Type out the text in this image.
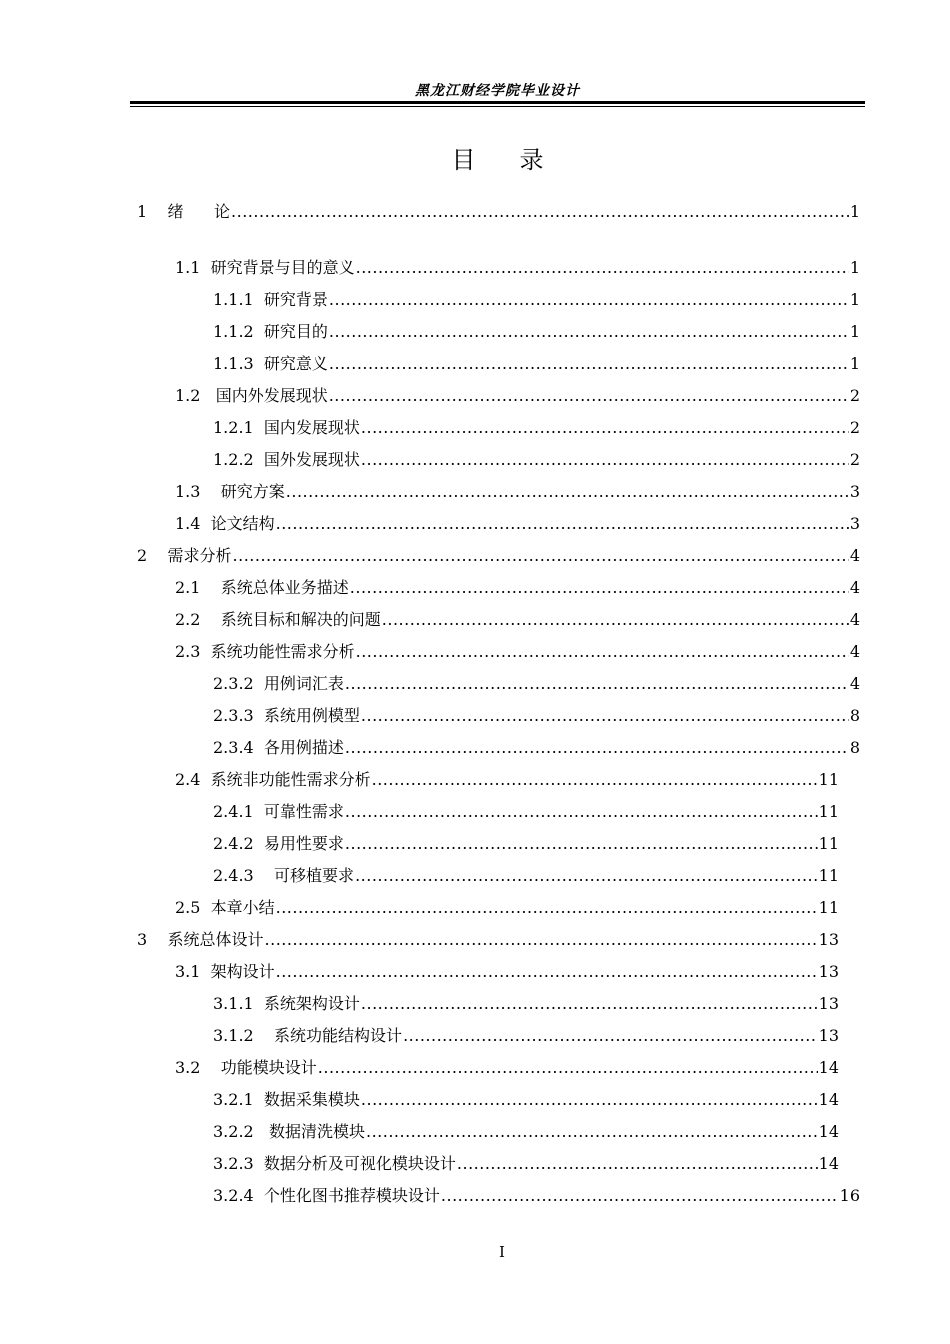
黑龙江财经学院毕业设计
目录
1    绪      论 .....	1
1.1  研究背景与目的意义 .....	1
1.1.1  研究背景 .....	1
1.1.2  研究目的 .....	1
1.1.3  研究意义 .....	1
1.2   国内外发展现状 .....	2
1.2.1  国内发展现状 .....	2
1.2.2  国外发展现状 .....	2
1.3    研究方案 .....	3
1.4  论文结构 .....	3
2    需求分析 .....	4
2.1    系统总体业务描述 .....	4
2.2    系统目标和解决的问题 .....	4
2.3  系统功能性需求分析 .....	4
2.3.2  用例词汇表 .....	4
2.3.3  系统用例模型 .....	8
2.3.4  各用例描述 .....	8
2.4  系统非功能性需求分析 .....	11
2.4.1  可靠性需求 .....	11
2.4.2  易用性要求 .....	11
2.4.3    可移植要求 .....	11
2.5  本章小结 .....	11
3    系统总体设计 .....	13
3.1  架构设计 .....	13
3.1.1  系统架构设计 .....	13
3.1.2    系统功能结构设计 .....	13
3.2    功能模块设计 .....	14
3.2.1  数据采集模块 .....	14
3.2.2   数据清洗模块 .....	14
3.2.3  数据分析及可视化模块设计 .....	14
3.2.4  个性化图书推荐模块设计 .....	16
I
